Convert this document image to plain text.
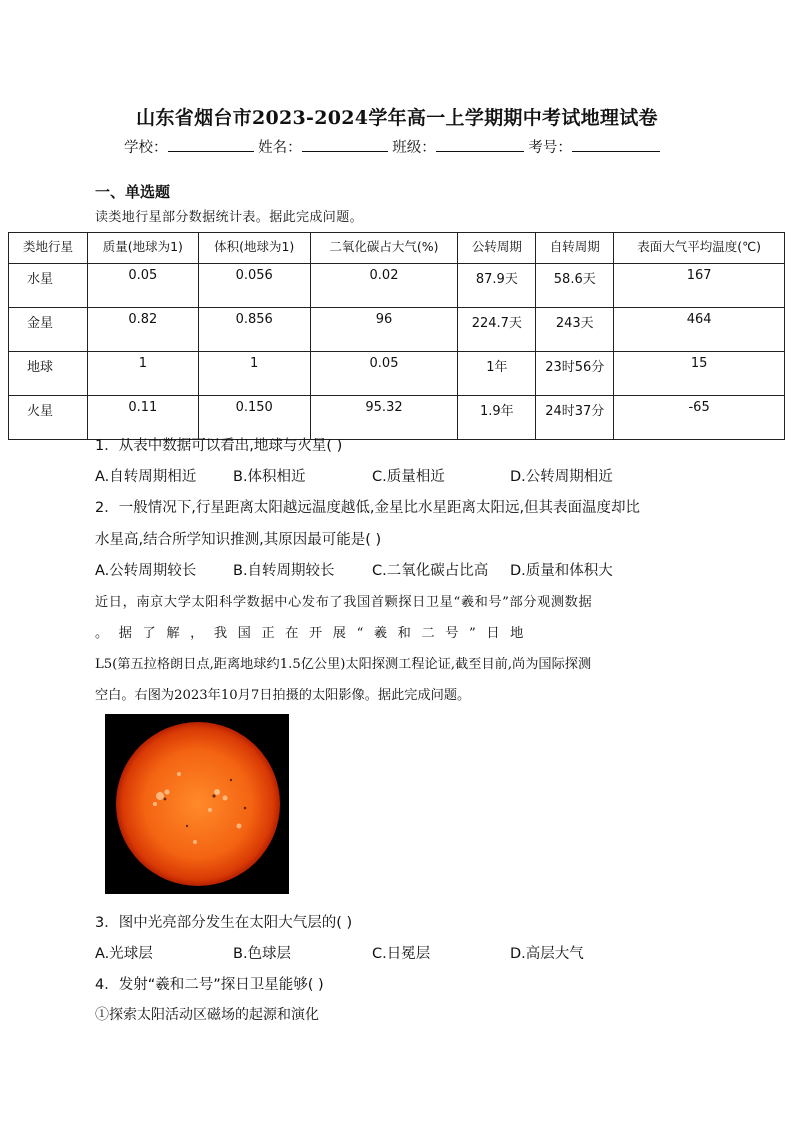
山东省烟台市2023-2024学年高一上学期期中考试地理试卷
学校：	姓名：	班级：	考号：
一、单选题
读类地行星部分数据统计表。据此完成问题。
类地行星	质量(地球为1)	体积(地球为1)	二氧化碳占大气(%)	公转周期	自转周期	表面大气平均温度(℃)
水星	0.05	0.056	0.02	87.9天	58.6天	167
金星	0.82	0.856	96	224.7天	243天	464
地球	1	1	0.05	1年	23时56分	15
火星	0.11	0.150	95.32	1.9年	24时37分	-65
1．从表中数据可以看出,地球与火星( )
A.自转周期相近	B.体积相近	C.质量相近	D.公转周期相近
2．一般情况下,行星距离太阳越远温度越低,金星比水星距离太阳远,但其表面温度却比
水星高,结合所学知识推测,其原因最可能是( )
A.公转周期较长	B.自转周期较长	C.二氧化碳占比高 D.质量和体积大
近日，南京大学太阳科学数据中心发布了我国首颗探日卫星“羲和号”部分观测数据
。 据 了 解 ， 我 国 正 在 开 展 “ 羲 和 二 号 ” 日 地
L5(第五拉格朗日点,距离地球约1.5亿公里)太阳探测工程论证,截至目前,尚为国际探测
空白。右图为2023年10月7日拍摄的太阳影像。据此完成问题。
3．图中光亮部分发生在太阳大气层的( )
A.光球层	B.色球层	C.日冕层	D.高层大气
4．发射“羲和二号”探日卫星能够( )
①探索太阳活动区磁场的起源和演化
